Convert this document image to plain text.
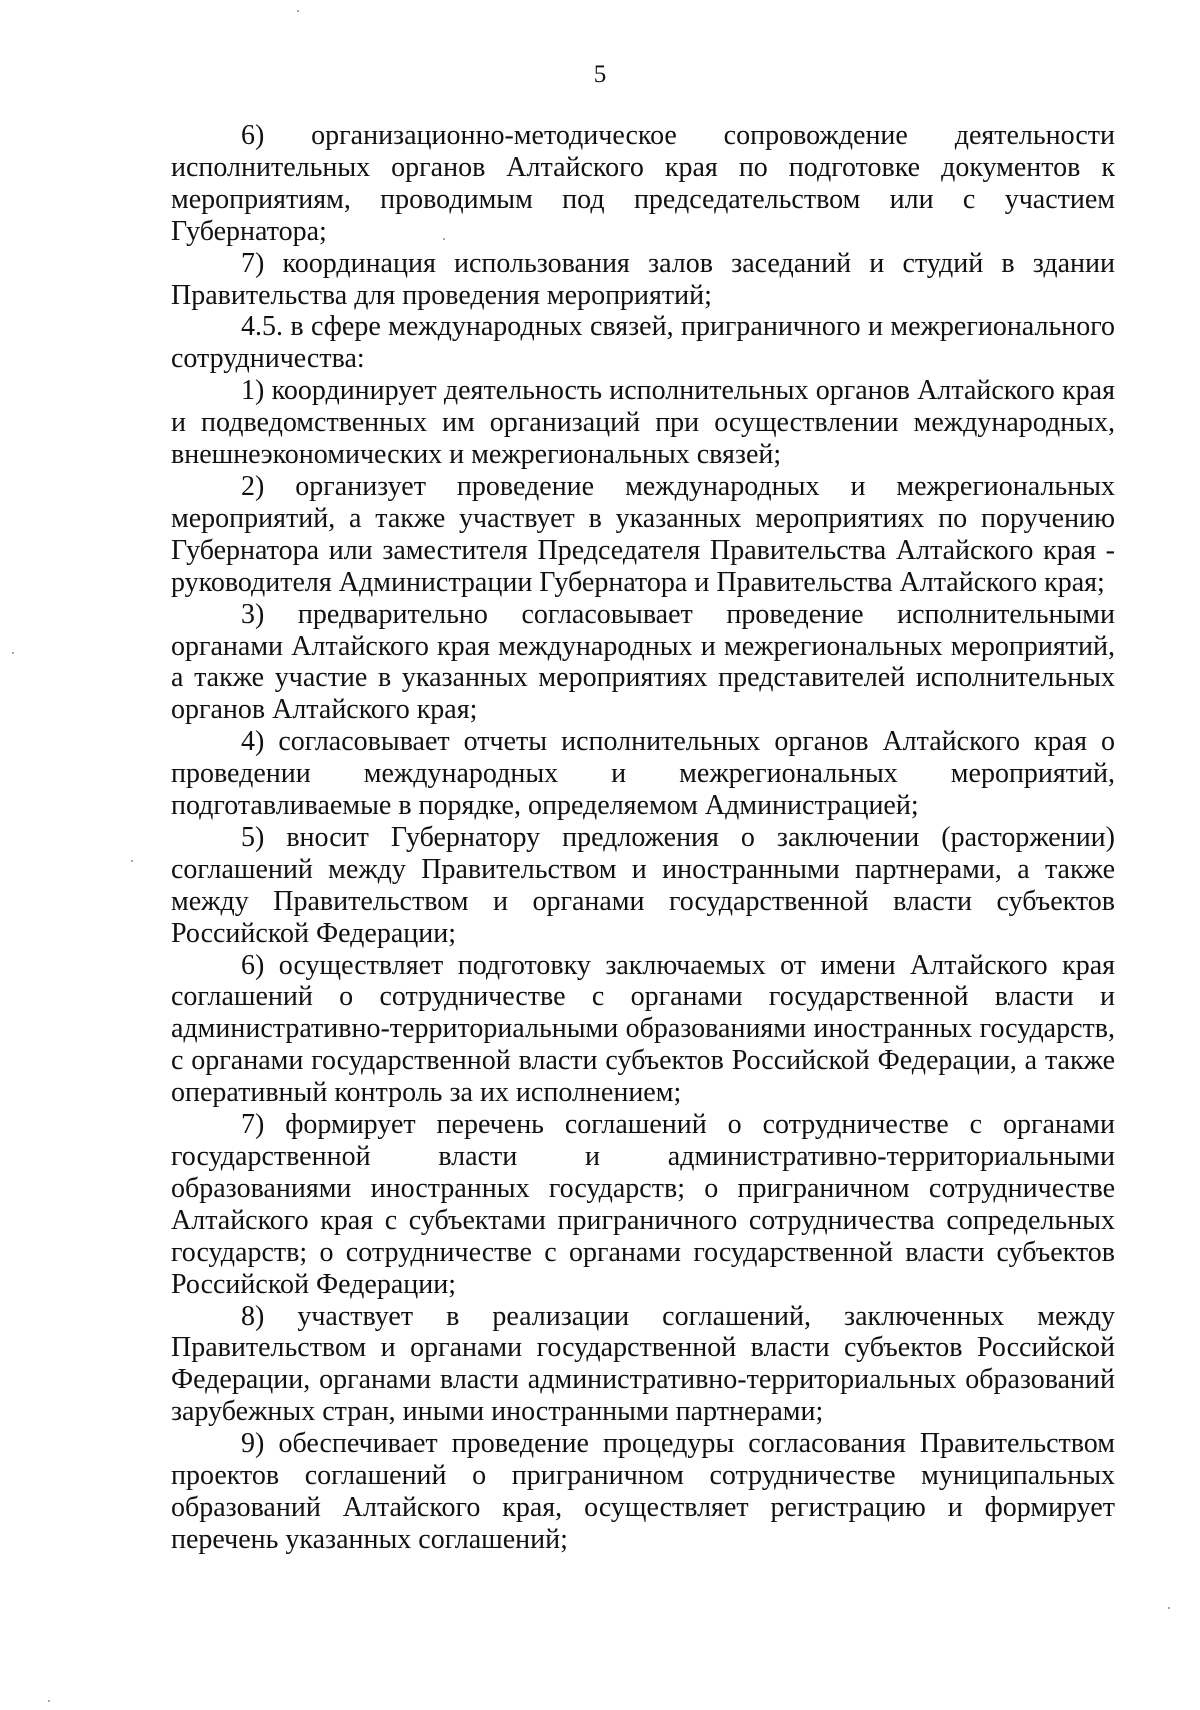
5

6) организационно-методическое сопровождение деятельности исполнительных органов Алтайского края по подготовке документов к мероприятиям, проводимым под председательством или с участием Губернатора;

7) координация использования залов заседаний и студий в здании Правительства для проведения мероприятий;

4.5. в сфере международных связей, приграничного и межрегионального сотрудничества:

1) координирует деятельность исполнительных органов Алтайского края и подведомственных им организаций при осуществлении международных, внешнеэкономических и межрегиональных связей;

2) организует проведение международных и межрегиональных мероприятий, а также участвует в указанных мероприятиях по поручению Губернатора или заместителя Председателя Правительства Алтайского края - руководителя Администрации Губернатора и Правительства Алтайского края;

3) предварительно согласовывает проведение исполнительными органами Алтайского края международных и межрегиональных мероприятий, а также участие в указанных мероприятиях представителей исполнительных органов Алтайского края;

4) согласовывает отчеты исполнительных органов Алтайского края о проведении международных и межрегиональных мероприятий, подготавливаемые в порядке, определяемом Администрацией;

5) вносит Губернатору предложения о заключении (расторжении) соглашений между Правительством и иностранными партнерами, а также между Правительством и органами государственной власти субъектов Российской Федерации;

6) осуществляет подготовку заключаемых от имени Алтайского края соглашений о сотрудничестве с органами государственной власти и административно-территориальными образованиями иностранных государств, с органами государственной власти субъектов Российской Федерации, а также оперативный контроль за их исполнением;

7) формирует перечень соглашений о сотрудничестве с органами государственной власти и административно-территориальными образованиями иностранных государств; о приграничном сотрудничестве Алтайского края с субъектами приграничного сотрудничества сопредельных государств; о сотрудничестве с органами государственной власти субъектов Российской Федерации;

8) участвует в реализации соглашений, заключенных между Правительством и органами государственной власти субъектов Российской Федерации, органами власти административно-территориальных образований зарубежных стран, иными иностранными партнерами;

9) обеспечивает проведение процедуры согласования Правительством проектов соглашений о приграничном сотрудничестве муниципальных образований Алтайского края, осуществляет регистрацию и формирует перечень указанных соглашений;
